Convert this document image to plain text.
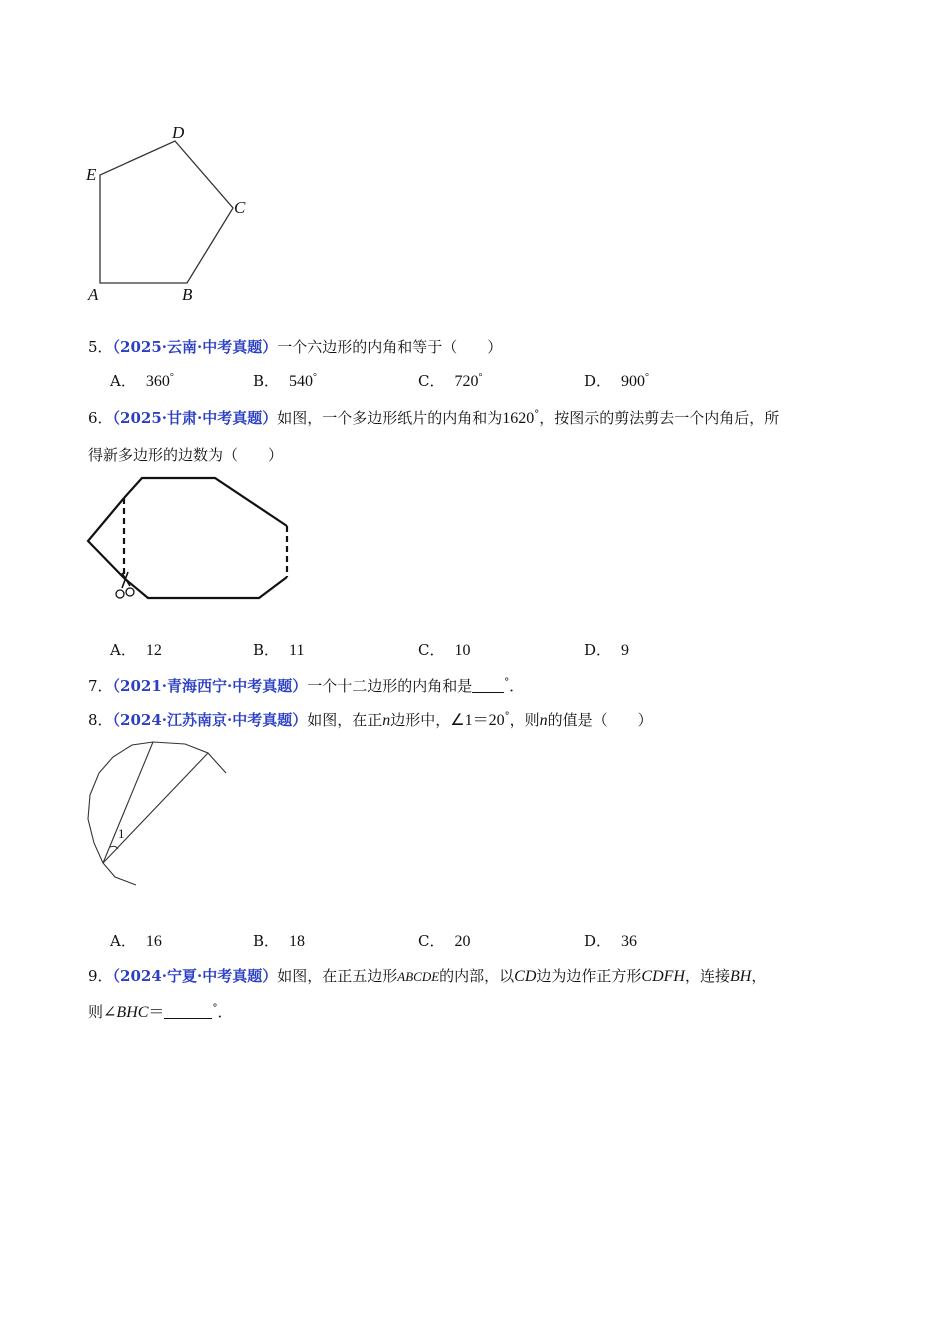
A	B
C
D
E
5．（2025·云南·中考真题）一个六边形的内角和等于（　　）
A． 360°	B． 540°	C． 720°	D． 900°
6．（2025·甘肃·中考真题）如图，一个多边形纸片的内角和为1620°，按图示的剪法剪去一个内角后，所
得新多边形的边数为（　　）
A． 12	B． 11	C． 10	D． 9
7．（2021·青海西宁·中考真题）一个十二边形的内角和是	°．
8．（2024·江苏南京·中考真题）如图，在正n边形中，∠1＝20°，则n的值是（　　）
1
A． 16	B． 18	C． 20	D． 36
9．（2024·宁夏·中考真题）如图，在正五边形ABCDE的内部，以CD边为边作正方形CDFH，连接BH，
则∠BHC＝	°．
